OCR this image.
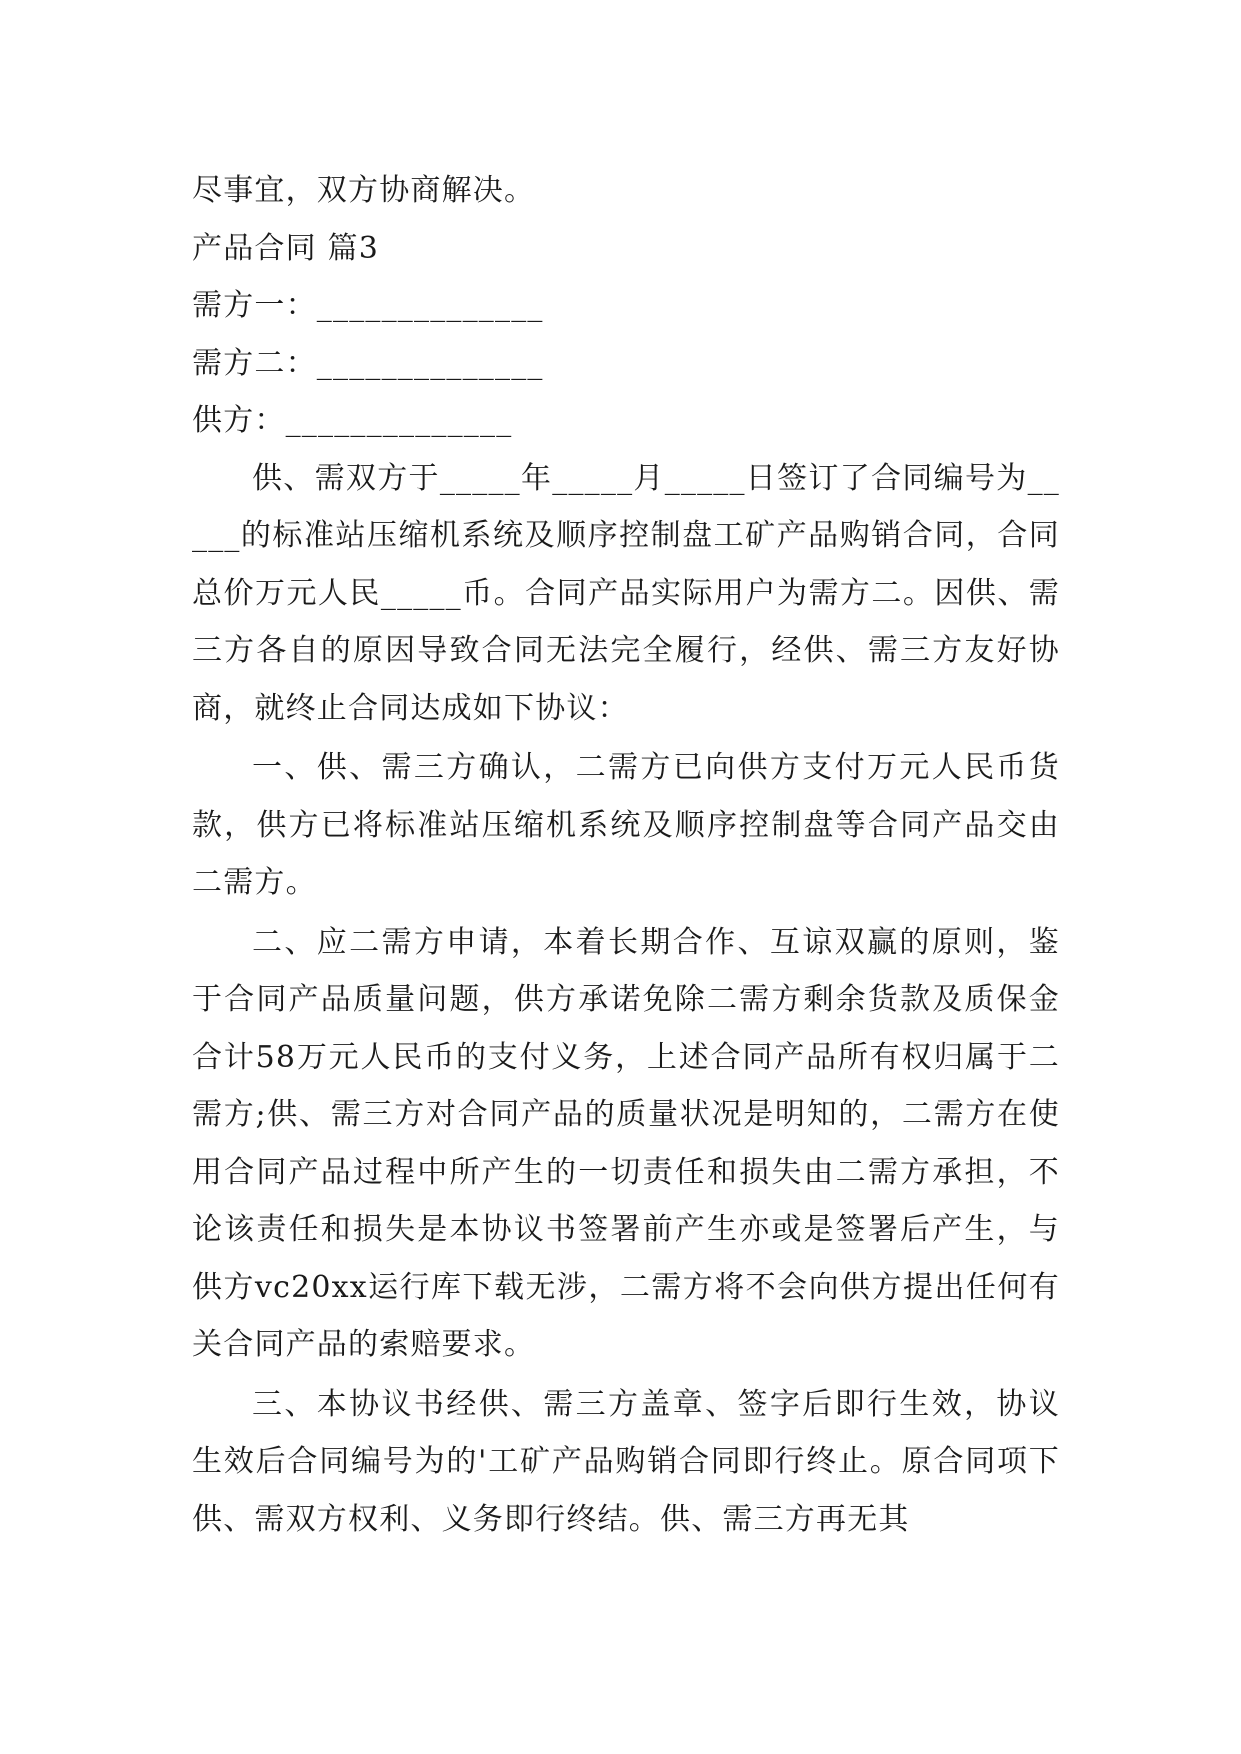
尽事宜，双方协商解决。

产品合同 篇3

需方一：______________

需方二：______________

供方：______________

供、需双方于_____年_____月_____日签订了合同编号为_____的标准站压缩机系统及顺序控制盘工矿产品购销合同，合同总价万元人民_____币。合同产品实际用户为需方二。因供、需三方各自的原因导致合同无法完全履行，经供、需三方友好协商，就终止合同达成如下协议：

一、供、需三方确认，二需方已向供方支付万元人民币货款，供方已将标准站压缩机系统及顺序控制盘等合同产品交由二需方。

二、应二需方申请，本着长期合作、互谅双赢的原则，鉴于合同产品质量问题，供方承诺免除二需方剩余货款及质保金合计58万元人民币的支付义务，上述合同产品所有权归属于二需方;供、需三方对合同产品的质量状况是明知的，二需方在使用合同产品过程中所产生的一切责任和损失由二需方承担，不论该责任和损失是本协议书签署前产生亦或是签署后产生，与供方vc20xx运行库下载无涉，二需方将不会向供方提出任何有关合同产品的索赔要求。

三、本协议书经供、需三方盖章、签字后即行生效，协议生效后合同编号为的'工矿产品购销合同即行终止。原合同项下供、需双方权利、义务即行终结。供、需三方再无其
